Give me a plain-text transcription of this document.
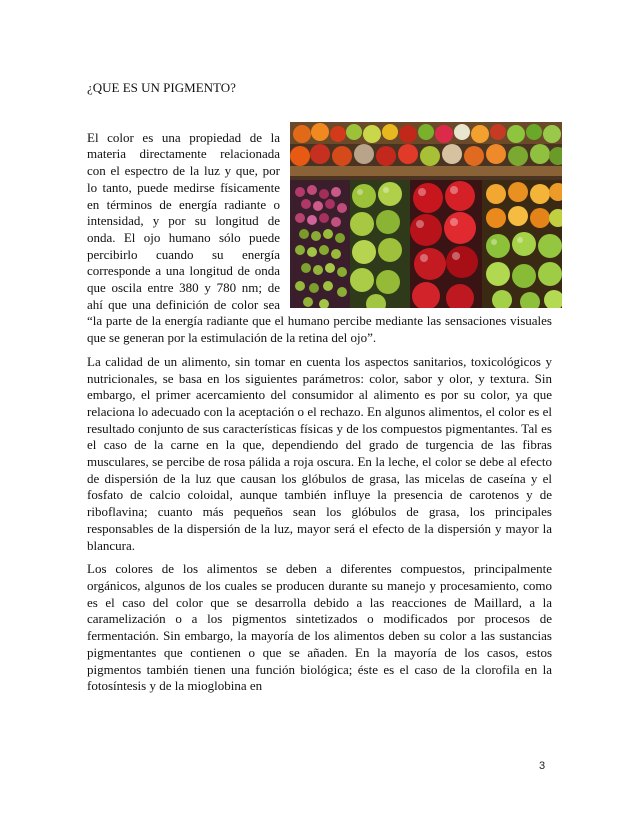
¿QUE ES UN PIGMENTO?

El color es una propiedad de la materia directamente relacionada con el espectro de la luz y que, por lo tanto, puede medirse físicamente en términos de energía radiante o intensidad, y por su longitud de onda. El ojo humano sólo puede percibirlo cuando su energía corresponde a una longitud de onda que oscila entre 380 y 780 nm; de ahí que una definición de color sea “la parte de la energía radiante que el humano percibe mediante las sensaciones visuales que se generan por la estimulación de la retina del ojo”.

La calidad de un alimento, sin tomar en cuenta los aspectos sanitarios, toxicológicos y nutricionales, se basa en los siguientes parámetros: color, sabor y olor, y textura. Sin embargo, el primer acercamiento del consumidor al alimento es por su color, ya que relaciona lo adecuado con la aceptación o el rechazo. En algunos alimentos, el color es el resultado conjunto de sus características físicas y de los compuestos pigmentantes. Tal es el caso de la carne en la que, dependiendo del grado de turgencia de las fibras musculares, se percibe de rosa pálida a roja oscura. En la leche, el color se debe al efecto de dispersión de la luz que causan los glóbulos de grasa, las micelas de caseína y el fosfato de calcio coloidal, aunque también influye la presencia de carotenos y de riboflavina; cuanto más pequeños sean los glóbulos de grasa, los principales responsables de la dispersión de la luz, mayor será el efecto de la dispersión y mayor la blancura.

Los colores de los alimentos se deben a diferentes compuestos, principalmente orgánicos, algunos de los cuales se producen durante su manejo y procesamiento, como es el caso del color que se desarrolla debido a las reacciones de Maillard, a la caramelización o a los pigmentos sintetizados o modificados por procesos de fermentación. Sin embargo, la mayoría de los alimentos deben su color a las sustancias pigmentantes que contienen o que se añaden. En la mayoría de los casos, estos pigmentos también tienen una función biológica; éste es el caso de la clorofila en la fotosíntesis y de la mioglobina en

3
